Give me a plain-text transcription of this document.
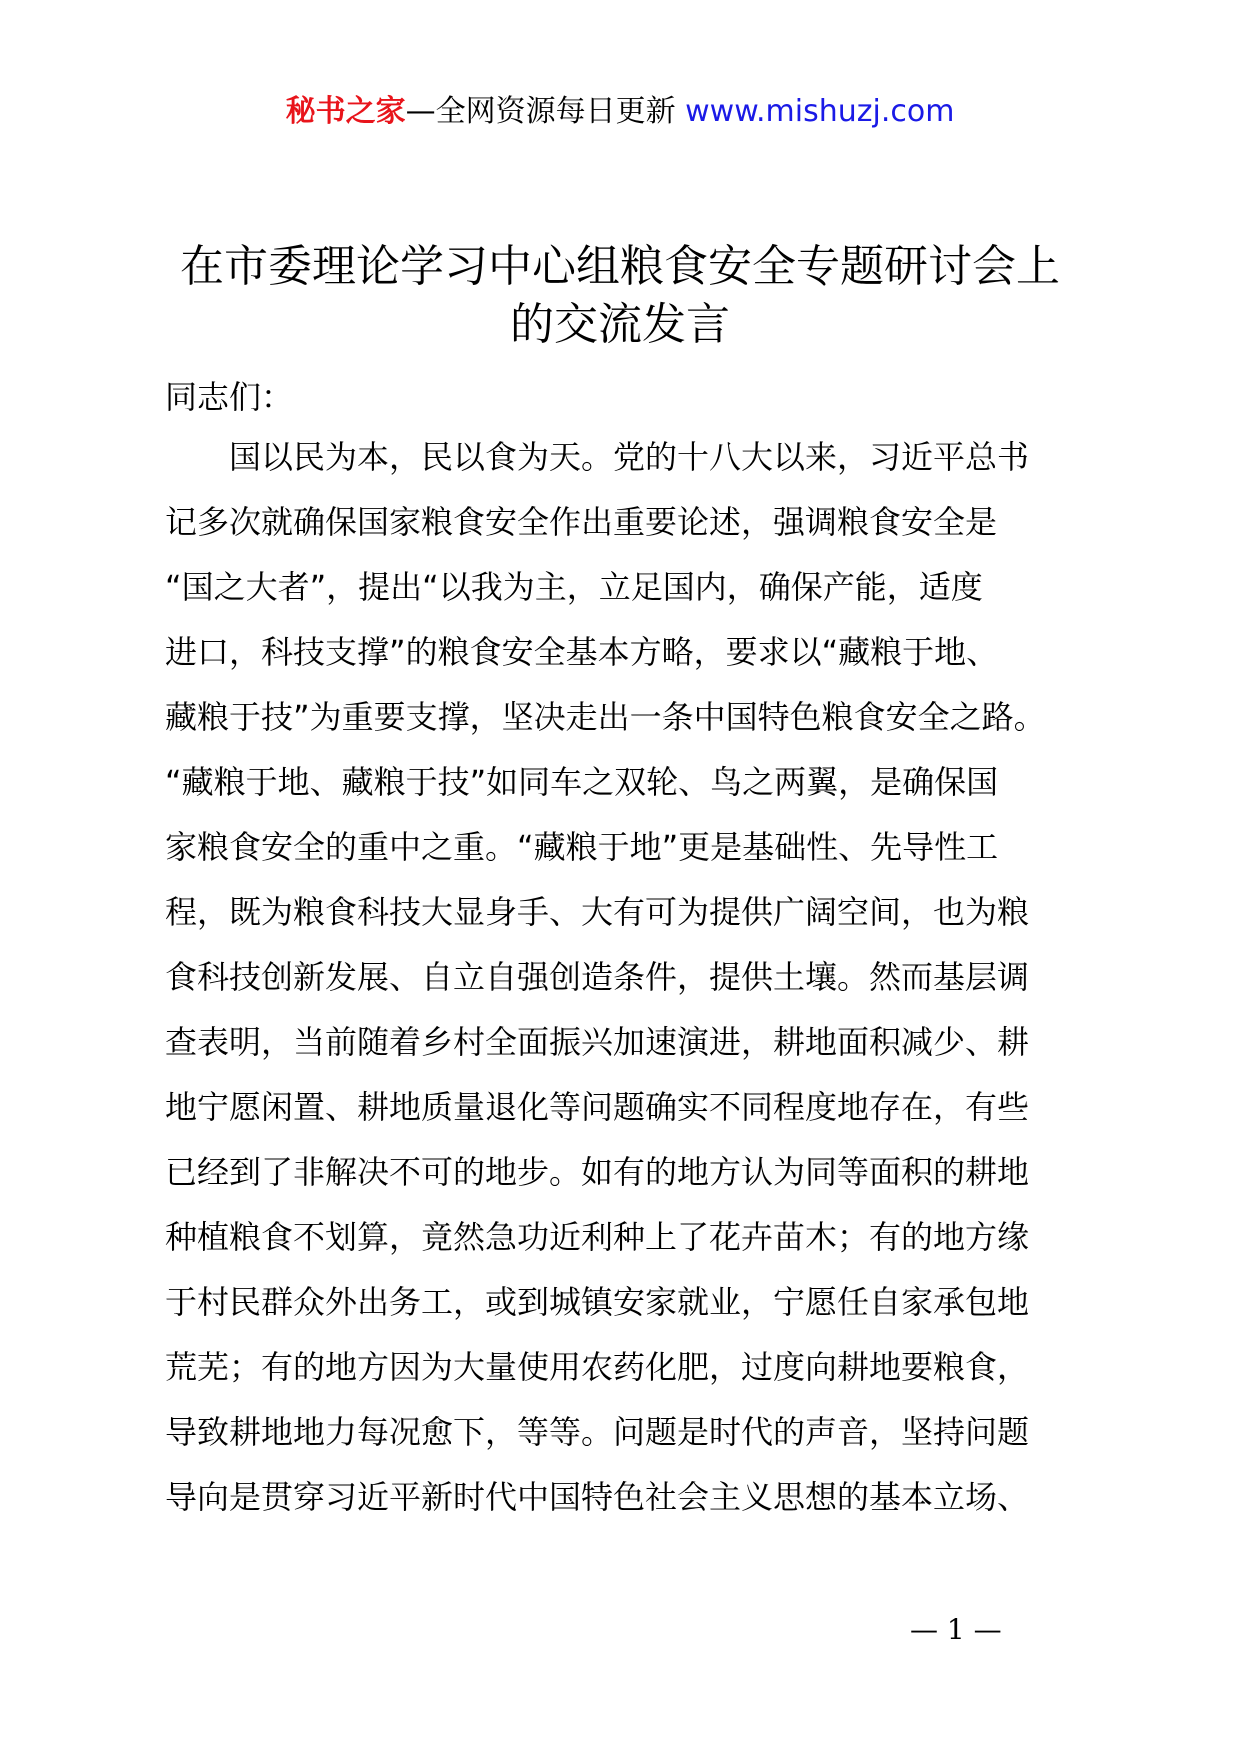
秘书之家—全网资源每日更新 www.mishuzj.com
在市委理论学习中心组粮食安全专题研讨会上
的交流发言
同志们：
国以民为本，民以食为天。党的十八大以来，习近平总书
记多次就确保国家粮食安全作出重要论述，强调粮食安全是
“国之大者”，提出“以我为主，立足国内，确保产能，适度
进口，科技支撑”的粮食安全基本方略，要求以“藏粮于地、
藏粮于技”为重要支撑，坚决走出一条中国特色粮食安全之路。
“藏粮于地、藏粮于技”如同车之双轮、鸟之两翼，是确保国
家粮食安全的重中之重。“藏粮于地”更是基础性、先导性工
程，既为粮食科技大显身手、大有可为提供广阔空间，也为粮
食科技创新发展、自立自强创造条件，提供土壤。然而基层调
查表明，当前随着乡村全面振兴加速演进，耕地面积减少、耕
地宁愿闲置、耕地质量退化等问题确实不同程度地存在，有些
已经到了非解决不可的地步。如有的地方认为同等面积的耕地
种植粮食不划算，竟然急功近利种上了花卉苗木；有的地方缘
于村民群众外出务工，或到城镇安家就业，宁愿任自家承包地
荒芜；有的地方因为大量使用农药化肥，过度向耕地要粮食，
导致耕地地力每况愈下，等等。问题是时代的声音，坚持问题
导向是贯穿习近平新时代中国特色社会主义思想的基本立场、
— 1 —
